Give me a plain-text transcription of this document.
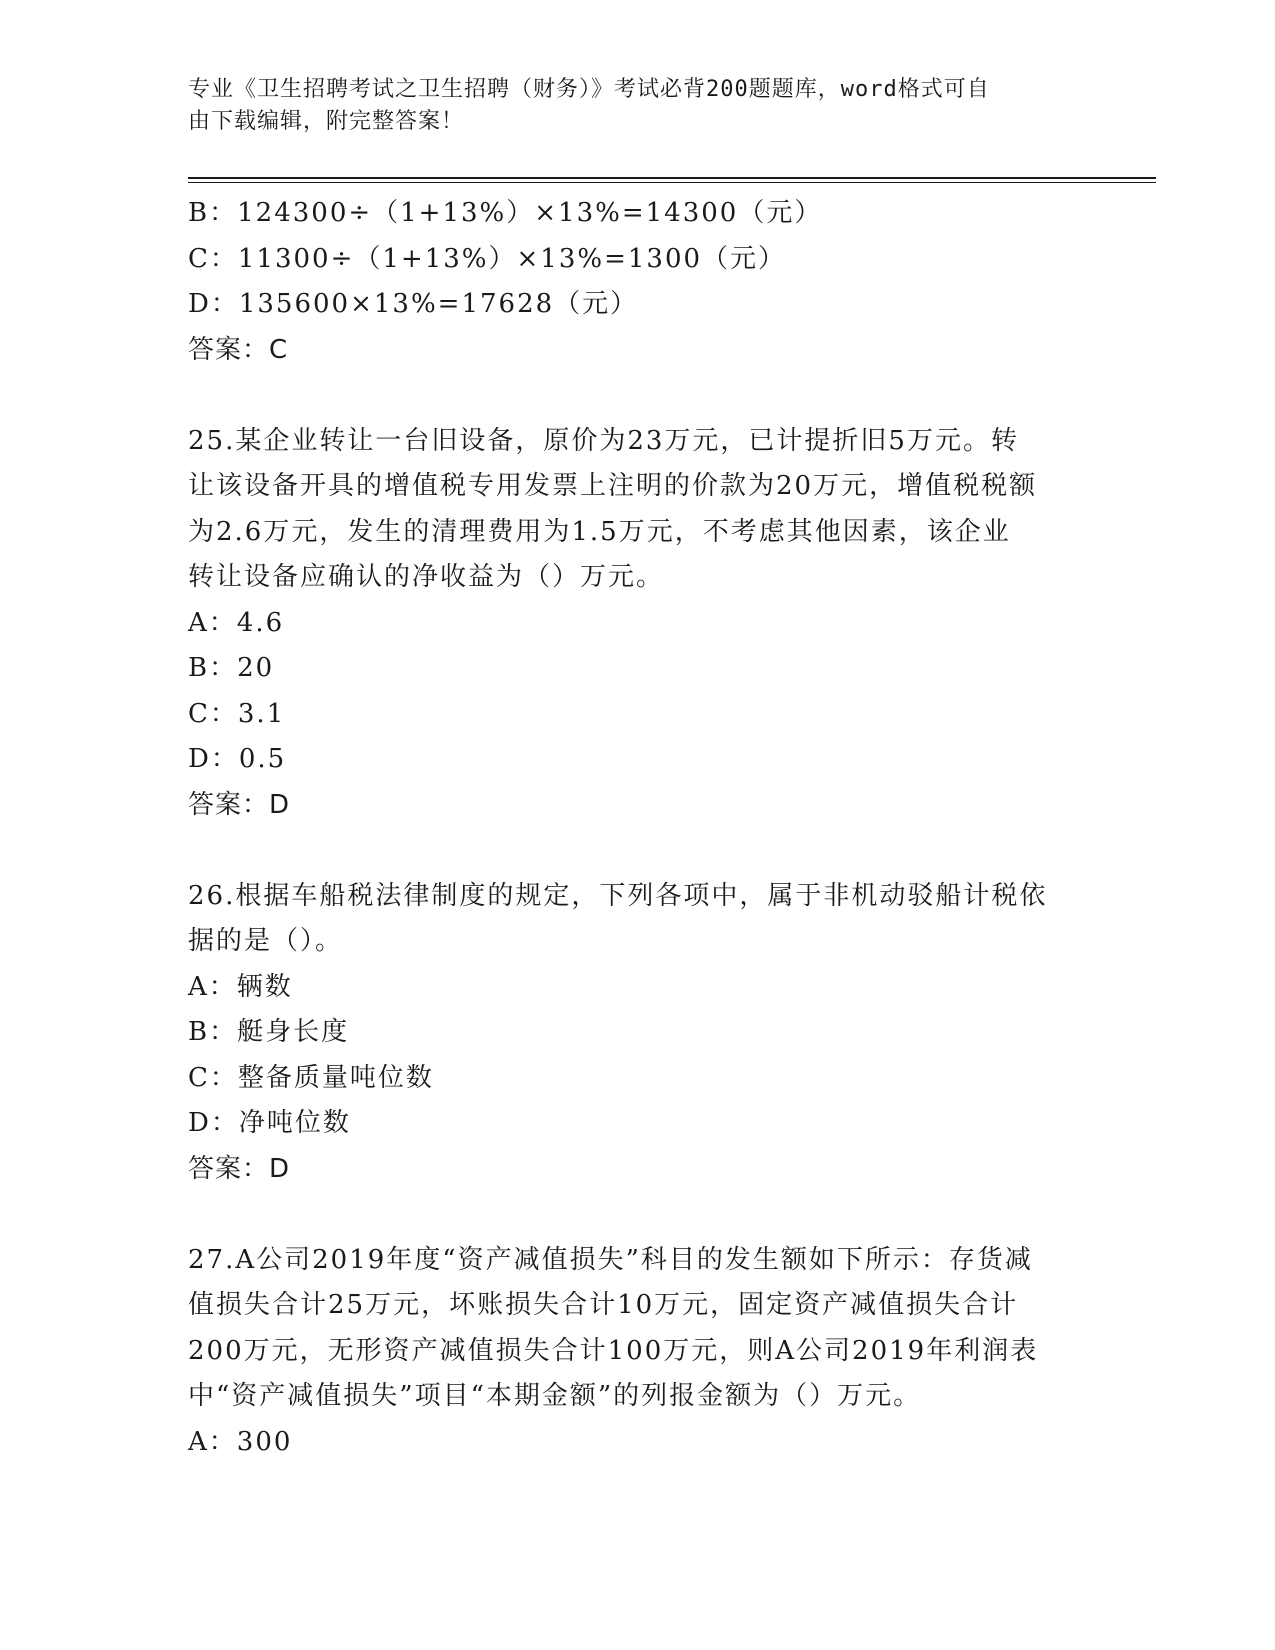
专业《卫生招聘考试之卫生招聘（财务）》考试必背200题题库，word格式可自
由下载编辑，附完整答案！
B：124300÷（1+13%）×13%=14300（元）
C：11300÷（1+13%）×13%=1300（元）
D：135600×13%=17628（元）
答案：C
25.某企业转让一台旧设备，原价为23万元，已计提折旧5万元。转
让该设备开具的增值税专用发票上注明的价款为20万元，增值税税额
为2.6万元，发生的清理费用为1.5万元，不考虑其他因素，该企业
转让设备应确认的净收益为（）万元。
A：4.6
B：20
C：3.1
D：0.5
答案：D
26.根据车船税法律制度的规定，下列各项中，属于非机动驳船计税依
据的是（）。
A：辆数
B：艇身长度
C：整备质量吨位数
D：净吨位数
答案：D
27.A公司2019年度“资产减值损失”科目的发生额如下所示：存货减
值损失合计25万元，坏账损失合计10万元，固定资产减值损失合计
200万元，无形资产减值损失合计100万元，则A公司2019年利润表
中“资产减值损失”项目“本期金额”的列报金额为（）万元。
A：300
